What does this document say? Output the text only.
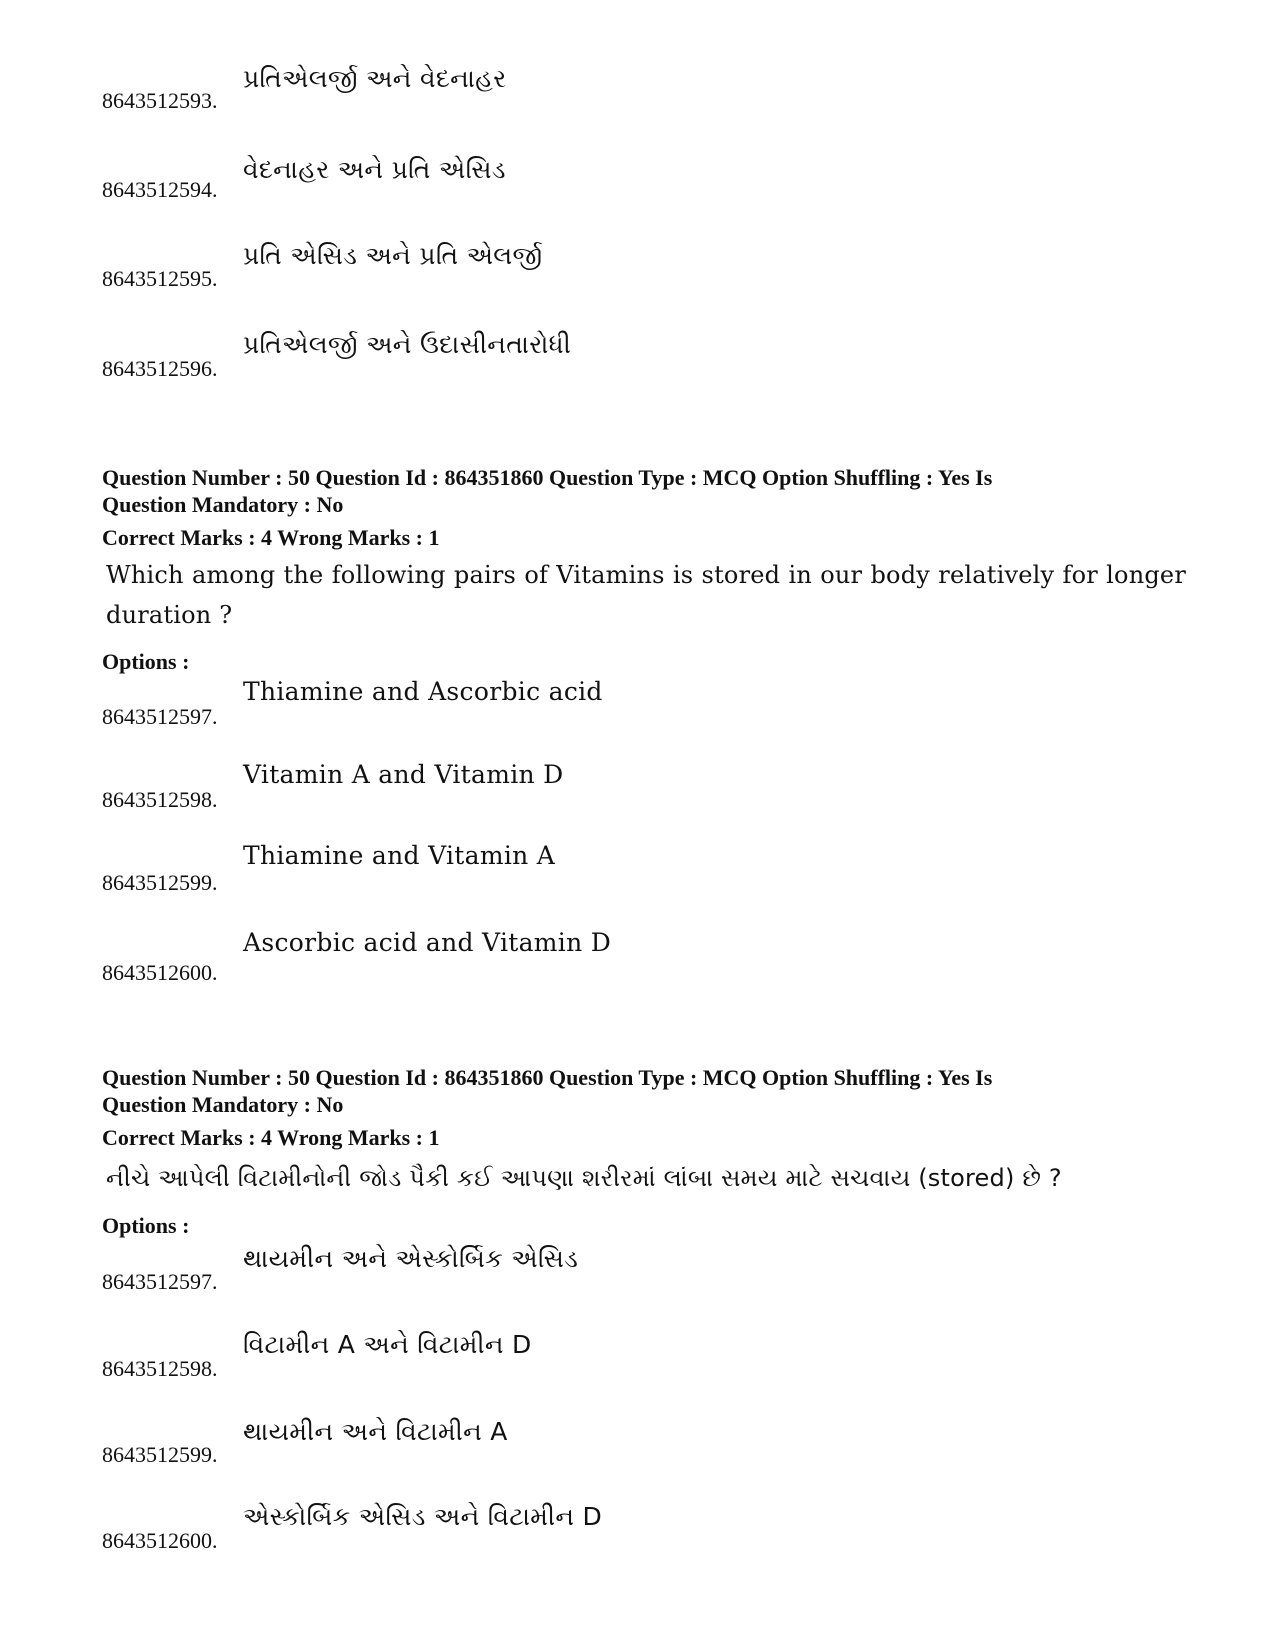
8643512593.
પ્રતિએલર્જી અને વેદનાહર
8643512594.
વેદનાહર અને પ્રતિ એસિડ
8643512595.
પ્રતિ એસિડ અને પ્રતિ એલર્જી
8643512596.
પ્રતિએલર્જી અને ઉદાસીનતારોધી
Question Number : 50 Question Id : 864351860 Question Type : MCQ Option Shuffling : Yes Is
Question Mandatory : No
Correct Marks : 4 Wrong Marks : 1
Which among the following pairs of Vitamins is stored in our body relatively for longer duration ?
Options :
8643512597.
Thiamine and Ascorbic acid
8643512598.
Vitamin A and Vitamin D
8643512599.
Thiamine and Vitamin A
8643512600.
Ascorbic acid and Vitamin D
Question Number : 50 Question Id : 864351860 Question Type : MCQ Option Shuffling : Yes Is
Question Mandatory : No
Correct Marks : 4 Wrong Marks : 1
નીચે આપેલી વિટામીનોની જોડ પૈકી કઈ આપણા શરીરમાં લાંબા સમય માટે સચવાય (stored) છે ?
Options :
8643512597.
થાયમીન અને એસ્કોર્બિક એસિડ
8643512598.
વિટામીન A અને વિટામીન D
8643512599.
થાયમીન અને વિટામીન A
8643512600.
એસ્કોર્બિક એસિડ અને વિટામીન D
